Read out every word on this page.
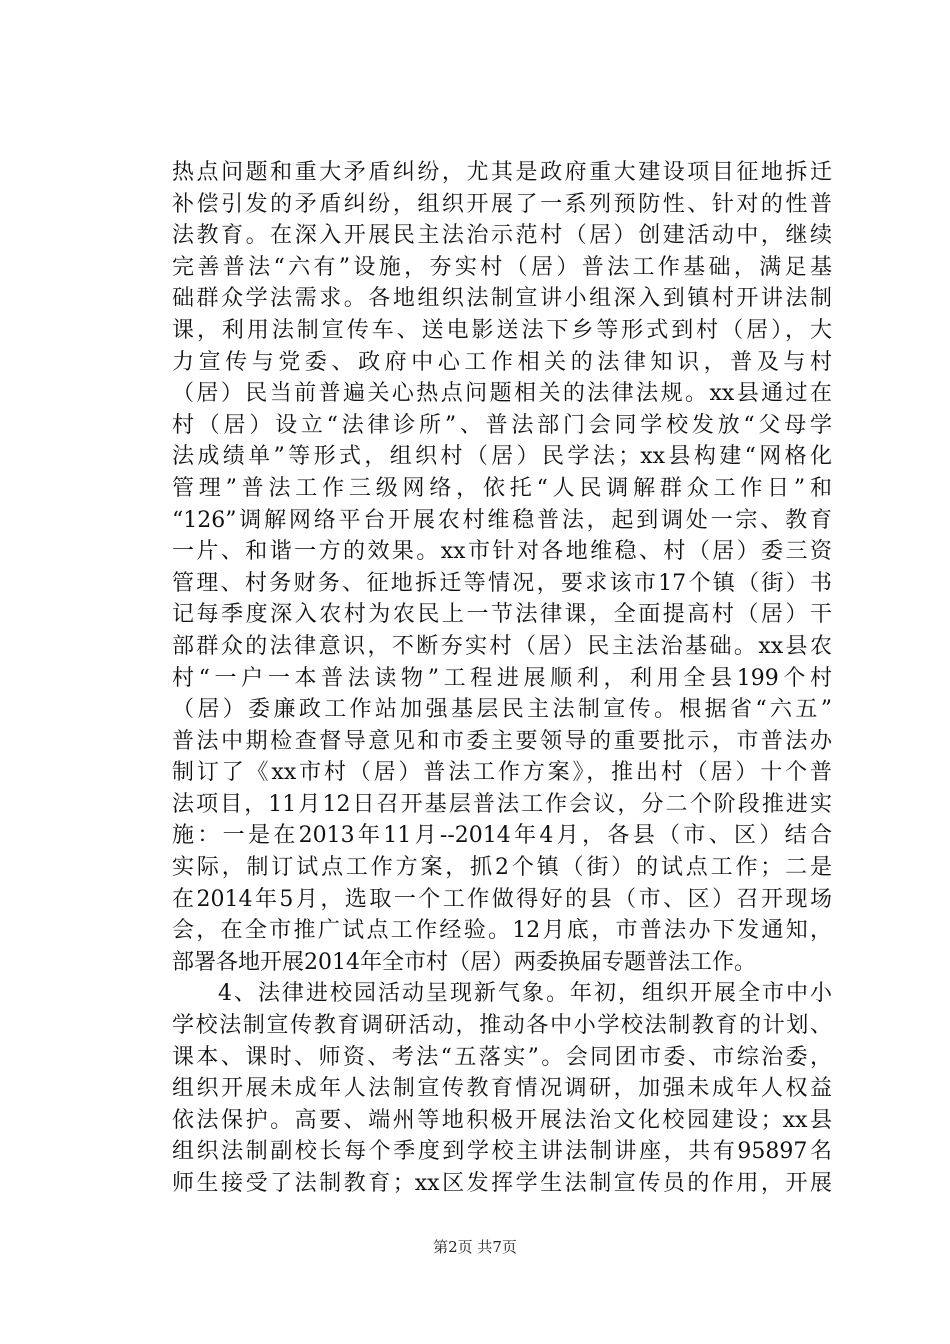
热点问题和重大矛盾纠纷，尤其是政府重大建设项目征地拆迁
补偿引发的矛盾纠纷，组织开展了一系列预防性、针对的性普
法教育。在深入开展民主法治示范村（居）创建活动中，继续
完善普法“六有”设施，夯实村（居）普法工作基础，满足基
础群众学法需求。各地组织法制宣讲小组深入到镇村开讲法制
课，利用法制宣传车、送电影送法下乡等形式到村（居），大
力宣传与党委、政府中心工作相关的法律知识，普及与村
（居）民当前普遍关心热点问题相关的法律法规。xx县通过在
村（居）设立“法律诊所”、普法部门会同学校发放“父母学
法成绩单”等形式，组织村（居）民学法；xx县构建“网格化
管理”普法工作三级网络，依托“人民调解群众工作日”和
“126”调解网络平台开展农村维稳普法，起到调处一宗、教育
一片、和谐一方的效果。xx市针对各地维稳、村（居）委三资
管理、村务财务、征地拆迁等情况，要求该市17个镇（街）书
记每季度深入农村为农民上一节法律课，全面提高村（居）干
部群众的法律意识，不断夯实村（居）民主法治基础。xx县农
村“一户一本普法读物”工程进展顺利，利用全县199个村
（居）委廉政工作站加强基层民主法制宣传。根据省“六五”
普法中期检查督导意见和市委主要领导的重要批示，市普法办
制订了《xx市村（居）普法工作方案》，推出村（居）十个普
法项目，11月12日召开基层普法工作会议，分二个阶段推进实
施：一是在2013年11月--2014年4月，各县（市、区）结合
实际，制订试点工作方案，抓2个镇（街）的试点工作；二是
在2014年5月，选取一个工作做得好的县（市、区）召开现场
会，在全市推广试点工作经验。12月底，市普法办下发通知，
部署各地开展2014年全市村（居）两委换届专题普法工作。
4、法律进校园活动呈现新气象。年初，组织开展全市中小
学校法制宣传教育调研活动，推动各中小学校法制教育的计划、
课本、课时、师资、考法“五落实”。会同团市委、市综治委，
组织开展未成年人法制宣传教育情况调研，加强未成年人权益
依法保护。高要、端州等地积极开展法治文化校园建设；xx县
组织法制副校长每个季度到学校主讲法制讲座，共有95897名
师生接受了法制教育；xx区发挥学生法制宣传员的作用，开展
第2页 共7页
